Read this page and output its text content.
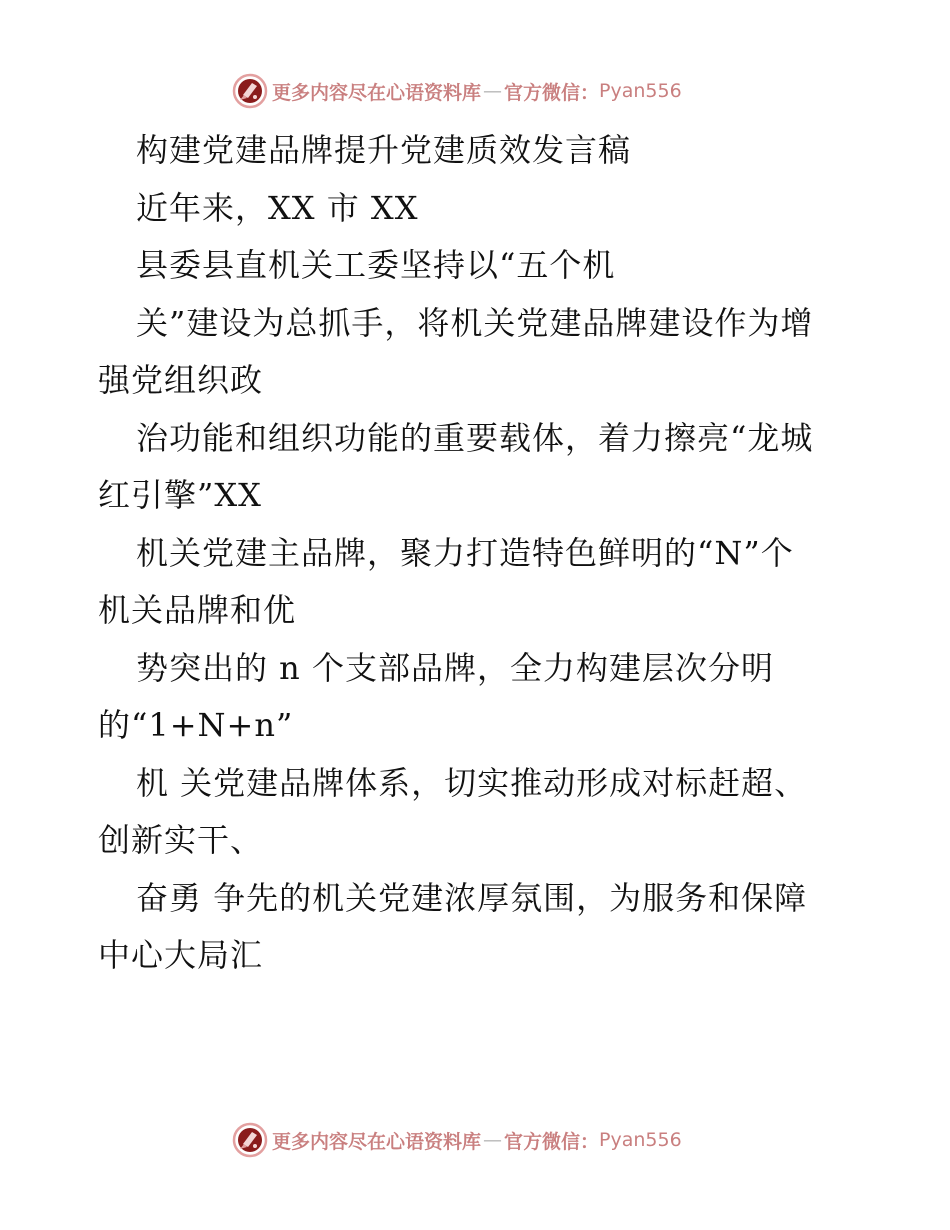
更多内容尽在心语资料库 — 官方微信： Pyan556
构建党建品牌提升党建质效发言稿
近年来，XX 市 XX
县委县直机关工委坚持以“五个机
关”建设为总抓手，将机关党建品牌建设作为增
强党组织政
治功能和组织功能的重要载体，着力擦亮“龙城
红引擎”XX
机关党建主品牌，聚力打造特色鲜明的“N”个
机关品牌和优
势突出的 n 个支部品牌，全力构建层次分明
的“1+N+n”
机 关党建品牌体系，切实推动形成对标赶超、
创新实干、
奋勇 争先的机关党建浓厚氛围，为服务和保障
中心大局汇
更多内容尽在心语资料库 — 官方微信： Pyan556
